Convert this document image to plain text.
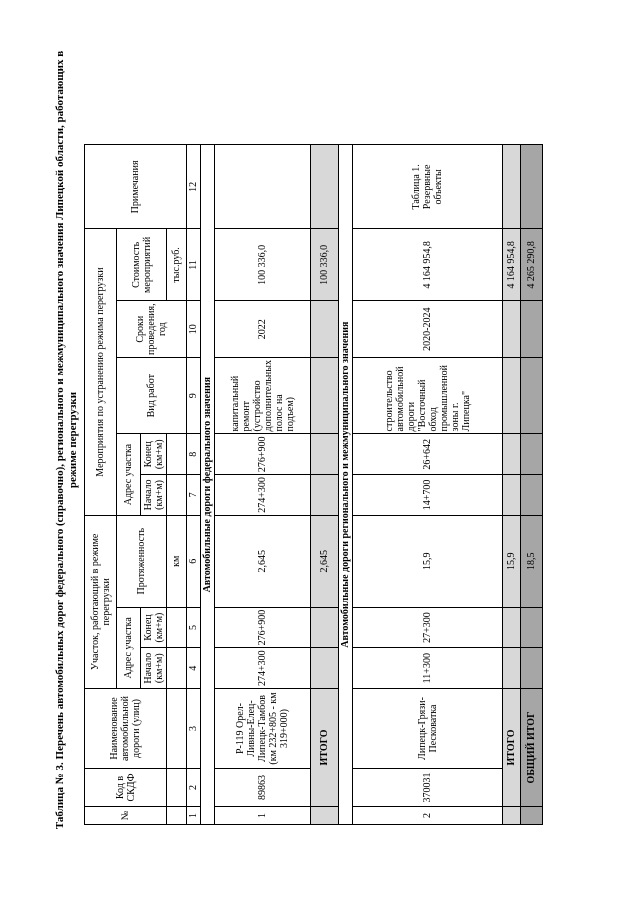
Таблица № 3. Перечень автомобильных дорог федерального (справочно), регионального и межмуниципального значения Липецкой области, работающих в режиме перегрузки
№	Код в СКДФ	Наименование автомобильной дороги (улиц)	Участок, работающий в режиме перегрузки			Мероприятия по устранению режима перегрузки					Примечания
			Адрес участка		Протяженность	Адрес участка		Вид работ	Сроки проведения, год	Стоимость мероприятий	
			Начало (км+м)	Конец (км+м)		Начало (км+м)	Конец (км+м)				
					км					тыс.руб.	
1	2	3	4	5	6	7	8	9	10	11	12
Автомобильные дороги федерального значения											
1	89863	Р-119 Орел-Ливны-Елец-Липецк-Тамбов (км 232+805 - км 319+000)	274+300	276+900	2,645	274+300	276+900	капитальный ремонт (устройство дополнительных полос на подъем)	2022	100 336,0	
	ИТОГО				2,645					100 336,0	
Автомобильные дороги регионального и межмуниципального значения											
2	370031	Липецк-Грязи-Песковатка	11+300	27+300	15,9	14+700	26+642	строительство автомобильной дороги "Восточный обход промышленной зоны г. Липецка"	2020-2024	4 164 954,8	Таблица 1. Резервные объекты
	ИТОГО				15,9					4 164 954,8	
	ОБЩИЙ ИТОГ				18,5					4 265 290,8	
